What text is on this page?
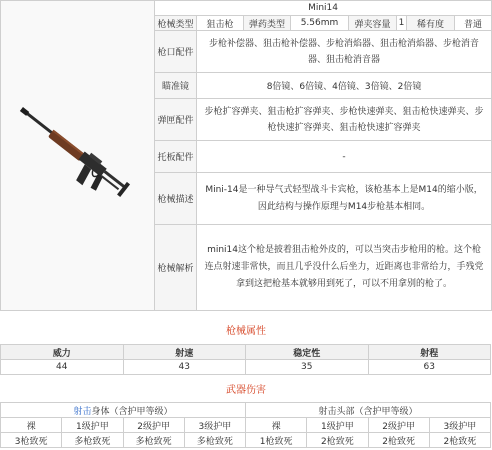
	Mini14							
	枪械类型	狙击枪	弹药类型	5.56mm	弹夹容量	1	稀有度	普通
	枪口配件	步枪补偿器、狙击枪补偿器、步枪消焰器、狙击枪消焰器、步枪消音器、狙击枪消音器						
	瞄准镜	8倍镜、6倍镜、4倍镜、3倍镜、2倍镜						
	弹匣配件	步枪扩容弹夹、狙击枪扩容弹夹、步枪快速弹夹、狙击枪快速弹夹、步枪快速扩容弹夹、狙击枪快速扩容弹夹						
	托板配件	-						
	枪械描述	Mini-14是一种导气式轻型战斗卡宾枪，该枪基本上是M14的缩小版，因此结构与操作原理与M14步枪基本相同。						
	枪械解析	mini14这个枪是披着狙击枪外皮的，可以当突击步枪用的枪。这个枪连点射速非常快，而且几乎没什么后坐力，近距离也非常给力，手残党拿到这把枪基本就够用到死了，可以不用拿别的枪了。						
枪械属性
威力	射速	稳定性	射程
44	43	35	63
武器伤害
射击身体（含护甲等级）				射击头部（含护甲等级）			
裸	1级护甲	2级护甲	3级护甲	裸	1级护甲	2级护甲	3级护甲
3枪致死	多枪致死	多枪致死	多枪致死	1枪致死	2枪致死	2枪致死	2枪致死
